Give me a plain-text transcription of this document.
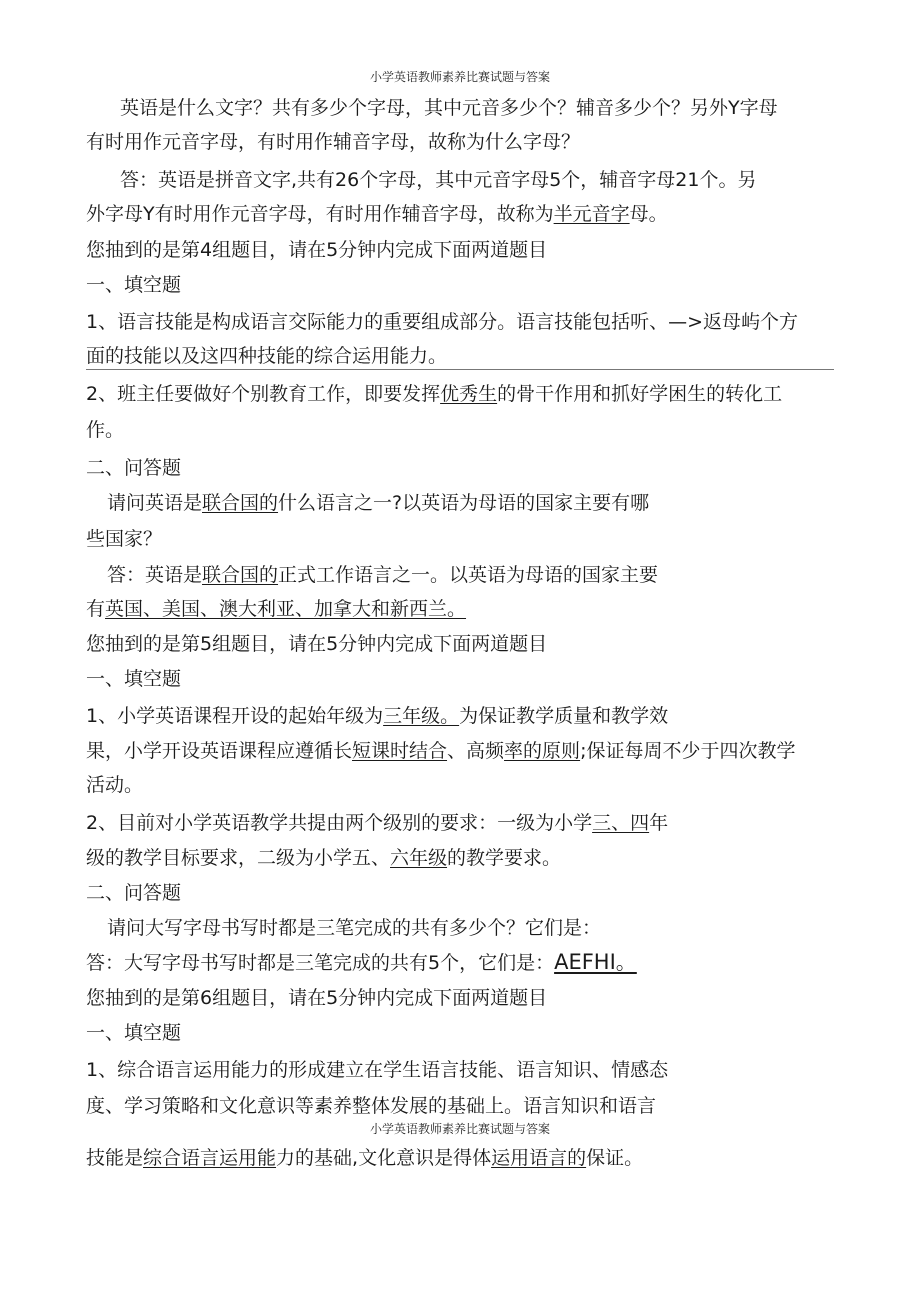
小学英语教师素养比赛试题与答案
英语是什么文字？共有多少个字母，其中元音多少个？辅音多少个？另外Y字母
有时用作元音字母，有时用作辅音字母，故称为什么字母？
答：英语是拼音文字,共有26个字母，其中元音字母5个，辅音字母21个。另
外字母Y有时用作元音字母，有时用作辅音字母，故称为半元音字母。
您抽到的是第4组题目，请在5分钟内完成下面两道题目
一、填空题
1、语言技能是构成语言交际能力的重要组成部分。语言技能包括听、—>返母屿个方
面的技能以及这四种技能的综合运用能力。
2、班主任要做好个别教育工作，即要发挥优秀生的骨干作用和抓好学困生的转化工
作。
二、问答题
请问英语是联合国的什么语言之一?以英语为母语的国家主要有哪
些国家？
答：英语是联合国的正式工作语言之一。以英语为母语的国家主要
有英国、美国、澳大利亚、加拿大和新西兰。
您抽到的是第5组题目，请在5分钟内完成下面两道题目
一、填空题
1、小学英语课程开设的起始年级为三年级。为保证教学质量和教学效
果，小学开设英语课程应遵循长短课时结合、高频率的原则;保证每周不少于四次教学
活动。
2、目前对小学英语教学共提由两个级别的要求：一级为小学三、四年
级的教学目标要求，二级为小学五、六年级的教学要求。
二、问答题
请问大写字母书写时都是三笔完成的共有多少个？它们是：
答：大写字母书写时都是三笔完成的共有5个，它们是：AEFHI。
您抽到的是第6组题目，请在5分钟内完成下面两道题目
一、填空题
1、综合语言运用能力的形成建立在学生语言技能、语言知识、情感态
度、学习策略和文化意识等素养整体发展的基础上。语言知识和语言
小学英语教师素养比赛试题与答案
技能是综合语言运用能力的基础,文化意识是得体运用语言的保证。
